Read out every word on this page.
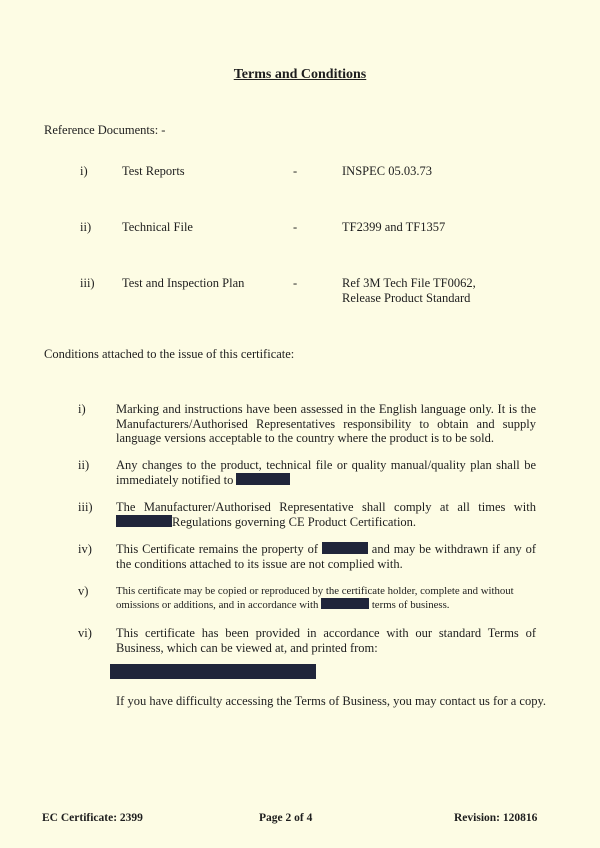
Terms and Conditions
Reference Documents: -
i)	Test Reports	-	INSPEC 05.03.73
ii) Technical File	-	TF2399 and TF1357
iii) Test and Inspection Plan	-	Ref 3M Tech File TF0062,
Release Product Standard
Conditions attached to the issue of this certificate:
i) Marking and instructions have been assessed in the English language only. It is the Manufacturers/Authorised Representatives responsibility to obtain and supply language versions acceptable to the country where the product is to be sold.
ii) Any changes to the product, technical file or quality manual/quality plan shall be immediately notified to
iii) The Manufacturer/Authorised Representative shall comply at all times with Regulations governing CE Product Certification.
iv) This Certificate remains the property of	and may be withdrawn if any of the conditions attached to its issue are not complied with.
v)	This certificate may be copied or reproduced by the certificate holder, complete and without omissions or additions, and in accordance with	terms of business.
vi) This certificate has been provided in accordance with our standard Terms of Business, which can be viewed at, and printed from:
If you have difficulty accessing the Terms of Business, you may contact us for a copy.
EC Certificate: 2399	Page 2 of 4	Revision: 120816
